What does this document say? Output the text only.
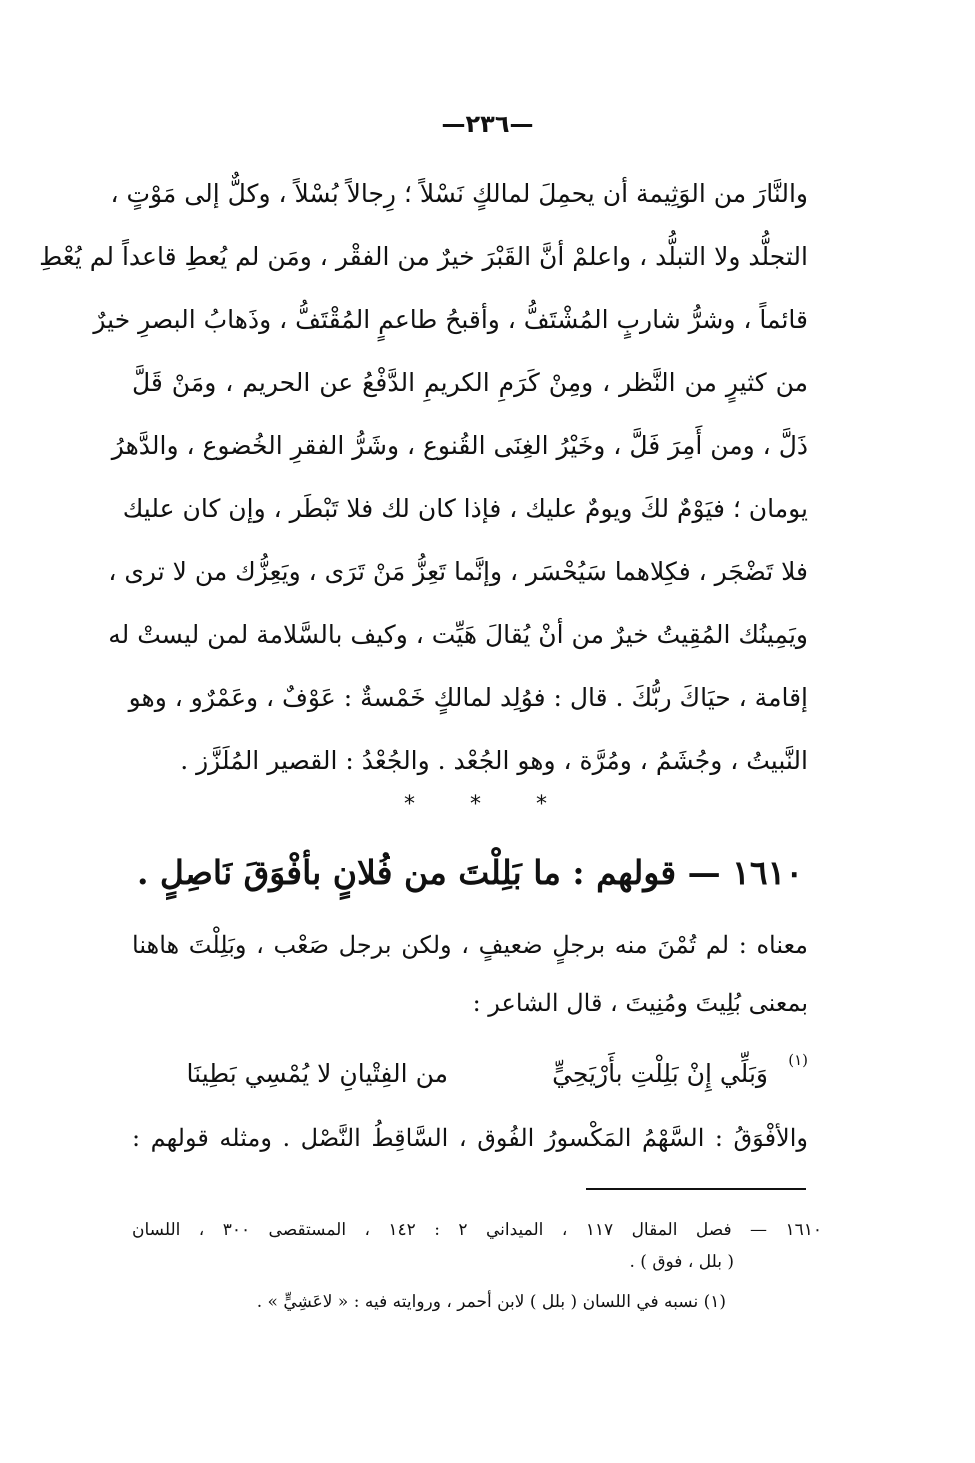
—٢٣٦—
والنَّارَ من الوَثِيمة أن يحمِلَ لمالكٍ نَسْلاً ؛ رِجالاً بُسْلاً ، وكلٌّ إلى مَوْتٍ ،
التجلُّد ولا التبلُّد ، واعلمْ أنَّ القَبْرَ خيرٌ من الفقْر ، ومَن لم يُعطِ قاعداً لم يُعْطِ
قائماً ، وشرُّ شاربٍ المُشْتَفُّ ، وأقبحُ طاعمٍ المُقْتَفُّ ، وذَهابُ البصرِ خيرٌ
من كثيرٍ من النَّظر ، ومِنْ كَرَمِ الكريمِ الدَّفْعُ عن الحريم ، ومَنْ قَلَّ
ذَلَّ ، ومن أَمِرَ فَلَّ ، وخَيْرُ الغِنَى القُنوع ، وشَرُّ الفقرِ الخُضوع ، والدَّهرُ
يومان ؛ فيَوْمٌ لكَ ويومٌ عليك ، فإذا كان لك فلا تَبْطَر ، وإن كان عليك
فلا تَضْجَر ، فكِلاهما سَيُحْسَر ، وإنَّما تَعِزُّ مَنْ تَرَى ، ويَعِزُّك من لا ترى ،
ويَمِينُك المُقِيتُ خيرٌ من أنْ يُقالَ هَيِّت ، وكيف بالسَّلامة لمن ليستْ له
إقامة ، حيَاكَ ربُّكَ . قال : فوُلِد لمالكٍ خَمْسةٌ : عَوْفٌ ، وعَمْرٌو ، وهو
النَّبيتُ ، وجُشَمُ ، ومُرَّة ، وهو الجُعْد . والجُعْدُ : القصير المُلَزَّز .
* * *
١٦١٠ — قولهم : ما بَلِلْتَ من فُلانٍ بأفْوَقَ نَاصِلٍ .
معناه : لم تُمْنَ منه برجلٍ ضعيفٍ ، ولكن برجل صَعْب ، وبَلِلْتَ هاهنا
بمعنى بُلِيتَ ومُنِيتَ ، قال الشاعر :
(١)
وَبَلِّي إِنْ بَلِلْتِ بأَرْيَحِيٍّ
من الفِتْيانِ لا يُمْسِي بَطِينَا
والأفْوَقُ : السَّهْمُ المَكْسورُ الفُوق ، السَّاقِطُ النَّصْل . ومثله قولهم :
١٦١٠ — فصل المقال ١١٧ ، الميداني ٢ : ١٤٢ ، المستقصى ٣٠٠ ، اللسان
( بلل ، فوق ) .
(١) نسبه في اللسان ( بلل ) لابن أحمر ، وروايته فيه : « لاعَشِيٍّ » .
